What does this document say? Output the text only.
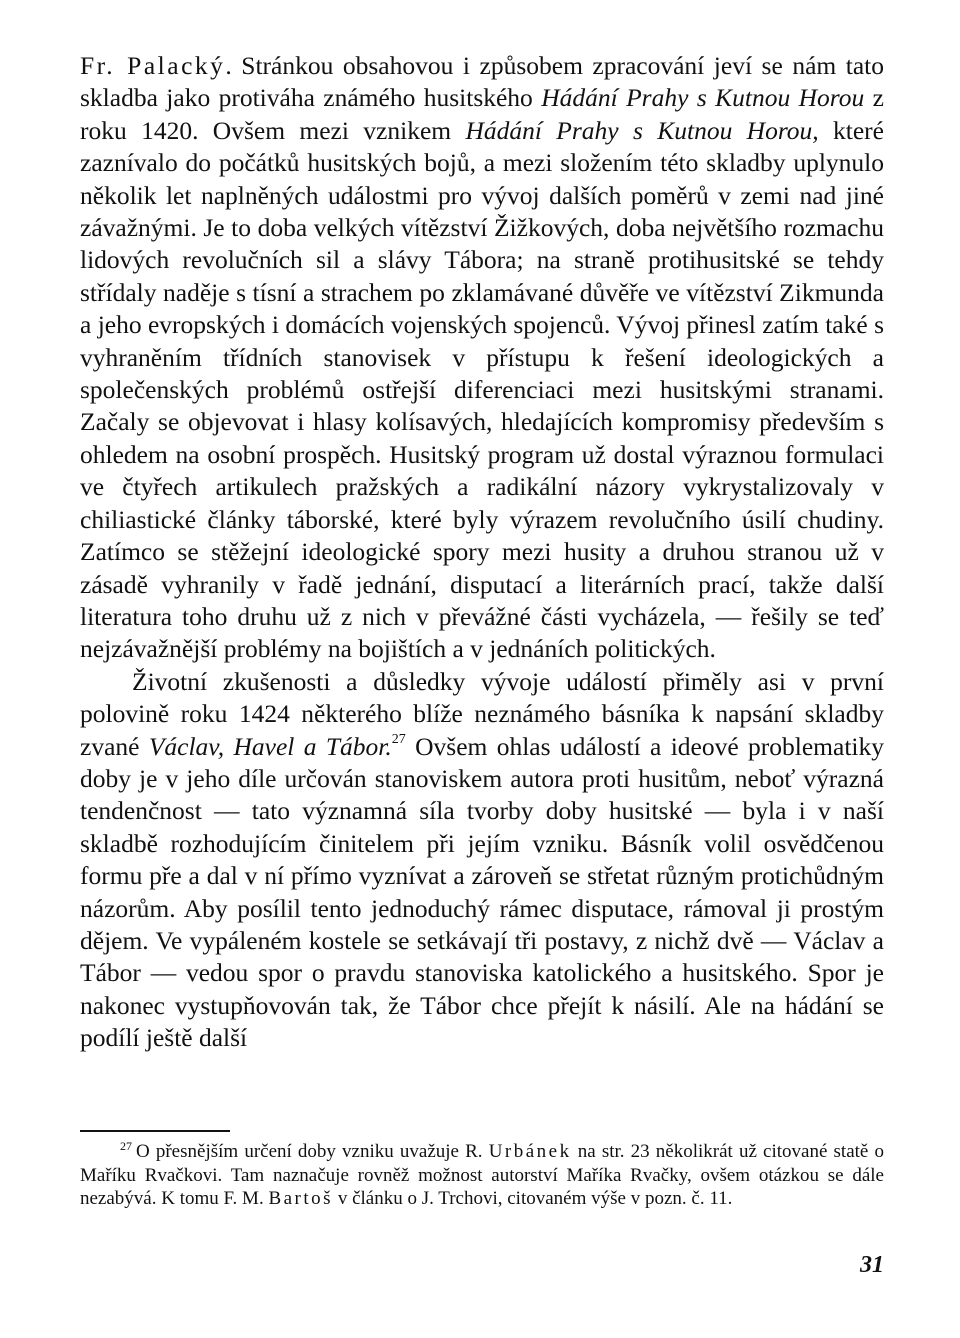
Fr. Palacký. Stránkou obsahovou i způsobem zpracování jeví se nám tato skladba jako protiváha známého husitského Hádání Prahy s Kutnou Horou z roku 1420. Ovšem mezi vznikem Hádání Prahy s Kutnou Horou, které zaznívalo do počátků husitských bojů, a mezi složením této skladby uplynulo několik let naplněných událostmi pro vývoj dalších poměrů v zemi nad jiné závažnými. Je to doba velkých vítězství Žižkových, doba největšího rozmachu lidových revolučních sil a slávy Tábora; na straně protihusitské se tehdy střídaly naděje s tísní a strachem po zklamávané důvěře ve vítězství Zikmunda a jeho evropských i domácích vojenských spojenců. Vývoj přinesl zatím také s vyhraněním třídních stanovisek v přístupu k řešení ideologických a společenských problémů ostřejší diferenciaci mezi husitskými stranami. Začaly se objevovat i hlasy kolísavých, hledajících kompromisy především s ohledem na osobní prospěch. Husitský program už dostal výraznou formulaci ve čtyřech artikulech pražských a radikální názory vykrystalizovaly v chiliastické články táborské, které byly výrazem revolučního úsilí chudiny. Zatímco se stěžejní ideologické spory mezi husity a druhou stranou už v zásadě vyhranily v řadě jednání, disputací a literárních prací, takže další literatura toho druhu už z nich v převážné části vycházela, — řešily se teď nejzávažnější problémy na bojištích a v jednáních politických.

Životní zkušenosti a důsledky vývoje událostí přiměly asi v první polovině roku 1424 některého blíže neznámého básníka k napsání skladby zvané Václav, Havel a Tábor.$^{27}$ Ovšem ohlas událostí a ideové problematiky doby je v jeho díle určován stanoviskem autora proti husitům, neboť výrazná tendenčnost — tato významná síla tvorby doby husitské — byla i v naší skladbě rozhodujícím činitelem při jejím vzniku. Básník volil osvědčenou formu pře a dal v ní přímo vyznívat a zároveň se střetat různým protichůdným názorům. Aby posílil tento jednoduchý rámec disputace, rámoval ji prostým dějem. Ve vypáleném kostele se setkávají tři postavy, z nichž dvě — Václav a Tábor — vedou spor o pravdu stanoviska katolického a husitského. Spor je nakonec vystupňovován tak, že Tábor chce přejít k násilí. Ale na hádání se podílí ještě další

$^{27}$ O přesnějším určení doby vzniku uvažuje R. Urbánek na str. 23 několikrát už citované statě o Maříku Rvačkovi. Tam naznačuje rovněž možnost autorství Maříka Rvačky, ovšem otázkou se dále nezabývá. K tomu F. M. Bartoš v článku o J. Trchovi, citovaném výše v pozn. č. 11.

31
